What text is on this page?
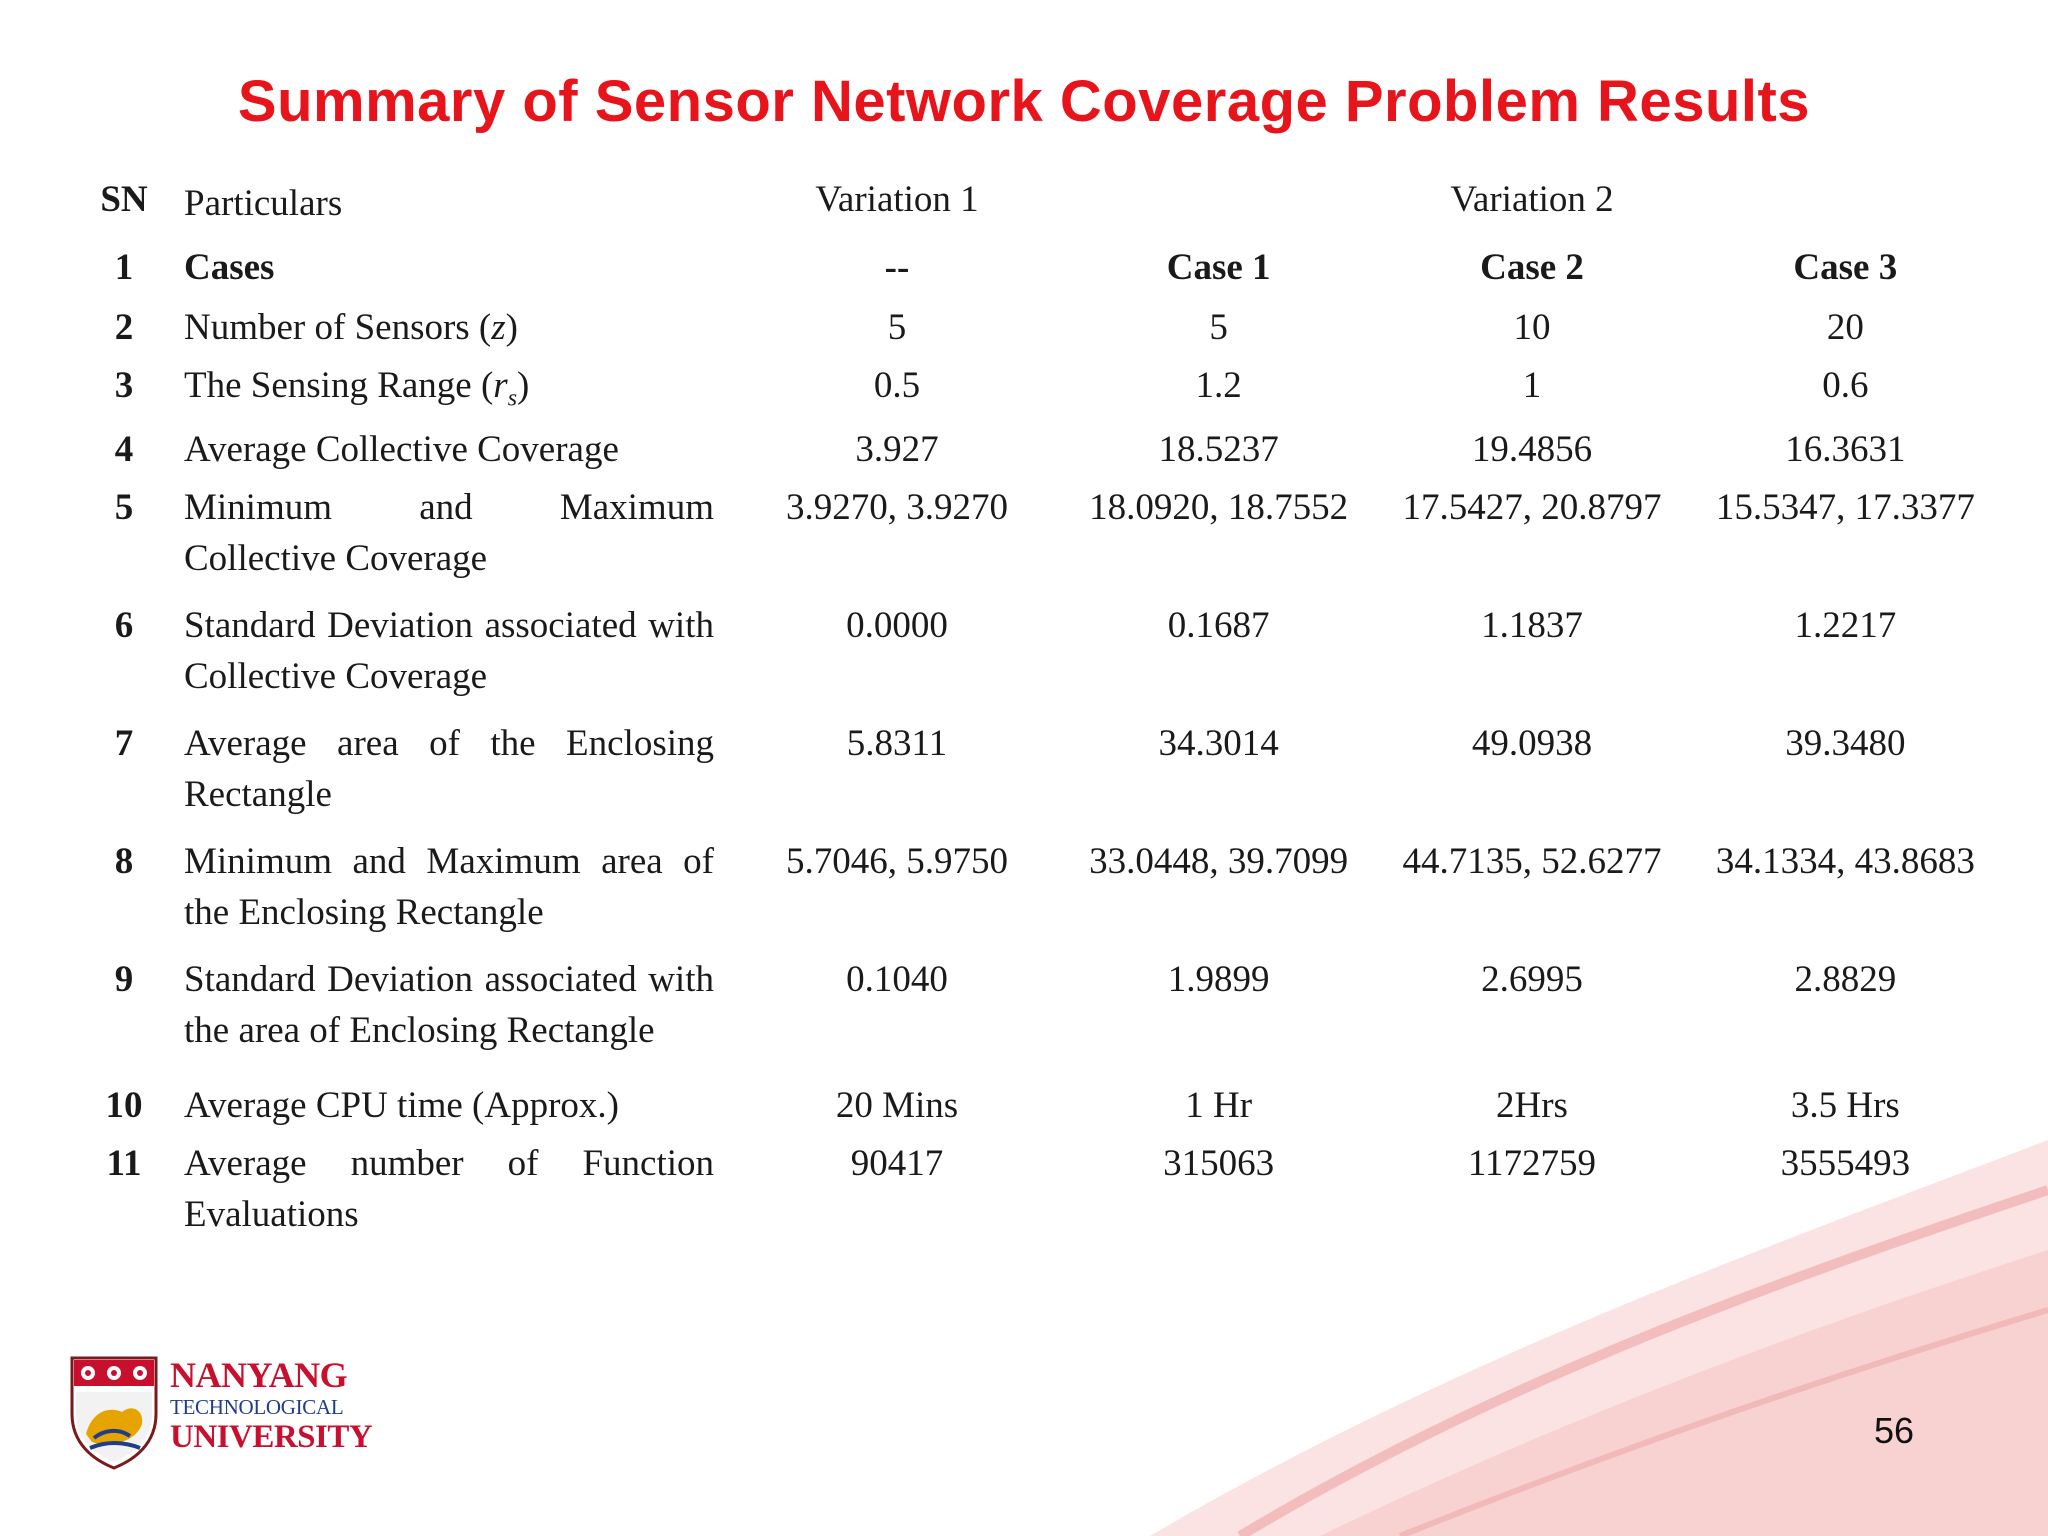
Summary of Sensor Network Coverage Problem Results
SN	Particulars	Variation 1	Variation 2		
1	Cases	--	Case 1	Case 2	Case 3
2	Number of Sensors (z)	5	5	10	20
3	The Sensing Range $(r_s)$	0.5	1.2	1	0.6
4	Average Collective Coverage	3.927	18.5237	19.4856	16.3631
5	Minimum and Maximum Collective Coverage	3.9270, 3.9270	18.0920, 18.7552	17.5427, 20.8797	15.5347, 17.3377
6	Standard Deviation associated with Collective Coverage	0.0000	0.1687	1.1837	1.2217
7	Average area of the Enclosing Rectangle	5.8311	34.3014	49.0938	39.3480
8	Minimum and Maximum area of the Enclosing Rectangle	5.7046, 5.9750	33.0448, 39.7099	44.7135, 52.6277	34.1334, 43.8683
9	Standard Deviation associated with the area of Enclosing Rectangle	0.1040	1.9899	2.6995	2.8829
10	Average CPU time (Approx.)	20 Mins	1 Hr	2Hrs	3.5 Hrs
11	Average number of Function Evaluations	90417	315063	1172759	3555493
NANYANG
TECHNOLOGICAL
UNIVERSITY	56
